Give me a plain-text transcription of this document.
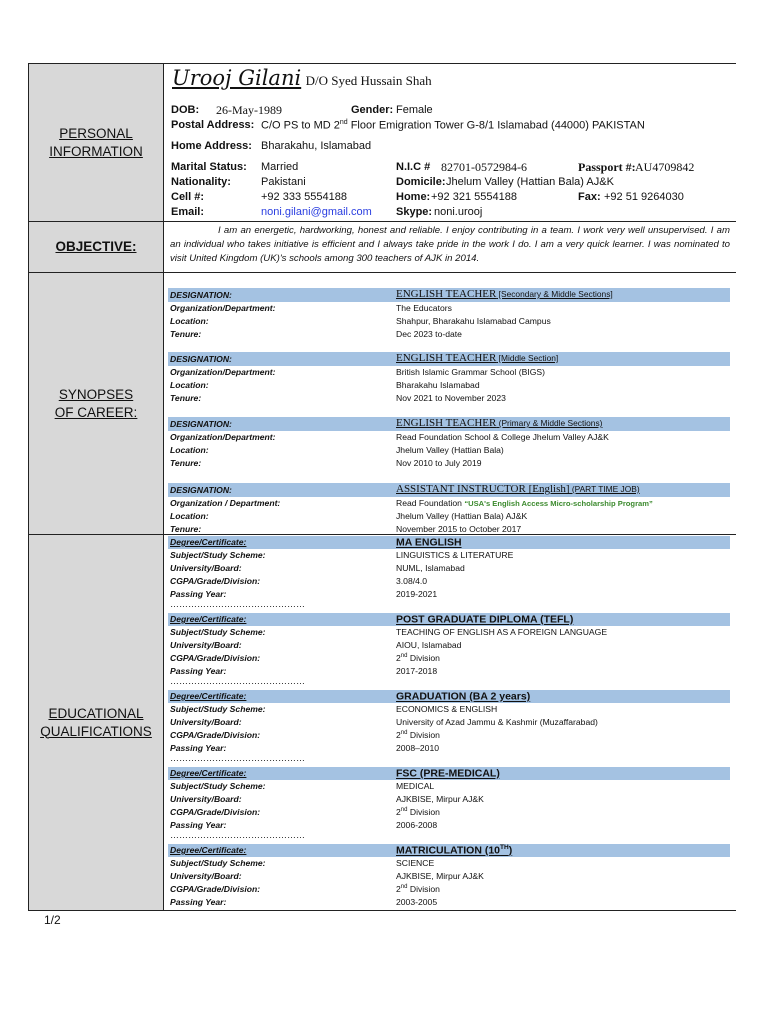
PERSONAL
INFORMATION
Urooj Gilani D/O Syed Hussain Shah
DOB: 26-May-1989	Gender: Female
Postal Address: C/O PS to MD 2nd Floor Emigration Tower G-8/1 Islamabad (44000) PAKISTAN
Home Address: Bharakahu, Islamabad
Marital Status: Married	N.I.C # 82701-0572984-6	Passport #: AU4709842
Nationality:	Pakistani	Domicile: Jhelum Valley (Hattian Bala) AJ&K
Cell #:	+92 333 5554188	Home: +92 321 5554188	Fax: +92 51 9264030
Email:	noni.gilani@gmail.com Skype: noni.urooj
OBJECTIVE:
I am an energetic, hardworking, honest and reliable. I enjoy contributing in a team. I work very well unsupervised. I am an individual who takes initiative is efficient and I always take pride in the work I do. I am a very quick learner. I was nominated to visit United Kingdom (UK)'s schools among 300 teachers of AJK in 2014.
SYNOPSES
OF CAREER:
DESIGNATION:	ENGLISH TEACHER [Secondary & Middle Sections]
Organization/Department:	The Educators
Location:	Shahpur, Bharakahu Islamabad Campus
Tenure:	Dec 2023 to-date
DESIGNATION:	ENGLISH TEACHER [Middle Section]
Organization/Department:	British Islamic Grammar School (BIGS)
Location:	Bharakahu Islamabad
Tenure:	Nov 2021 to November 2023
DESIGNATION:	ENGLISH TEACHER (Primary & Middle Sections)
Organization/Department:	Read Foundation School & College Jhelum Valley AJ&K
Location:	Jhelum Valley (Hattian Bala)
Tenure:	Nov 2010 to July 2019
DESIGNATION:	ASSISTANT INSTRUCTOR [English] (PART TIME JOB)
Organization / Department:	Read Foundation “USA's English Access Micro-scholarship Program”
Location:	Jhelum Valley (Hattian Bala) AJ&K
Tenure:	November 2015 to October 2017
EDUCATIONAL
QUALIFICATIONS
Degree/Certificate:	MA ENGLISH
Subject/Study Scheme:	LINGUISTICS & LITERATURE
University/Board:	NUML, Islamabad
CGPA/Grade/Division:	3.08/4.0
Passing Year:	2019-2021
………………………………………
Degree/Certificate:	POST GRADUATE DIPLOMA (TEFL)
Subject/Study Scheme:	TEACHING OF ENGLISH AS A FOREIGN LANGUAGE
University/Board:	AIOU, Islamabad
CGPA/Grade/Division:	2nd Division
Passing Year:	2017-2018
………………………………………
Degree/Certificate:	GRADUATION (BA 2 years)
Subject/Study Scheme:	ECONOMICS & ENGLISH
University/Board:	University of Azad Jammu & Kashmir (Muzaffarabad)
CGPA/Grade/Division:	2nd Division
Passing Year:	2008–2010
………………………………………
Degree/Certificate:	FSC (PRE-MEDICAL)
Subject/Study Scheme:	MEDICAL
University/Board:	AJKBISE, Mirpur AJ&K
CGPA/Grade/Division:	2nd Division
Passing Year:	2006-2008
………………………………………
Degree/Certificate:	MATRICULATION (10TH)
Subject/Study Scheme:	SCIENCE
University/Board:	AJKBISE, Mirpur AJ&K
CGPA/Grade/Division:	2nd Division
Passing Year:	2003-2005
1/2
